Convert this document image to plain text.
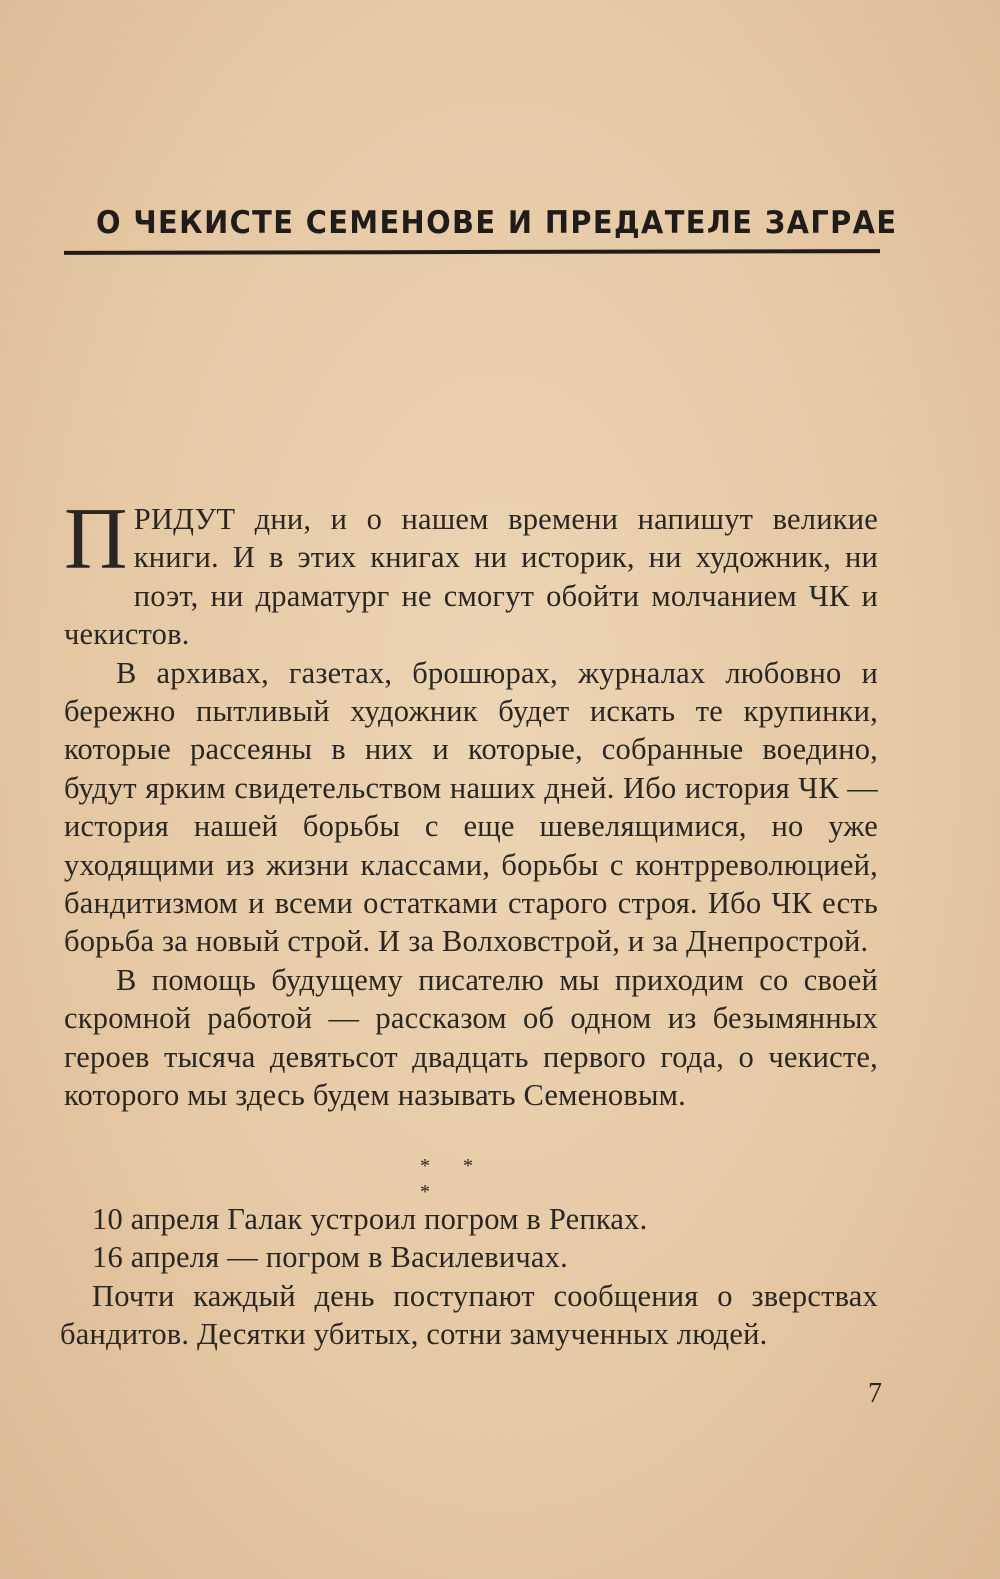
О ЧЕКИСТЕ СЕМЕНОВЕ И ПРЕДАТЕЛЕ ЗАГРАЕ

ПРИДУТ дни, и о нашем времени напишут великие книги. И в этих книгах ни историк, ни художник, ни поэт, ни драматург не смогут обойти молчанием ЧК и чекистов.

В архивах, газетах, брошюрах, журналах любовно и бережно пытливый художник будет искать те крупинки, которые рассеяны в них и которые, собранные воедино, будут ярким свидетельством наших дней. Ибо история ЧК — история нашей борьбы с еще шевелящимися, но уже уходящими из жизни классами, борьбы с контрреволюцией, бандитизмом и всеми остатками старого строя. Ибо ЧК есть борьба за новый строй. И за Волховстрой, и за Днепрострой.

В помощь будущему писателю мы приходим со своей скромной работой — рассказом об одном из безымянных героев тысяча девятьсот двадцать первого года, о чекисте, которого мы здесь будем называть Семеновым.

* * *

10 апреля Галак устроил погром в Репках.

16 апреля — погром в Василевичах.

Почти каждый день поступают сообщения о зверствах бандитов. Десятки убитых, сотни замученных людей.

7
